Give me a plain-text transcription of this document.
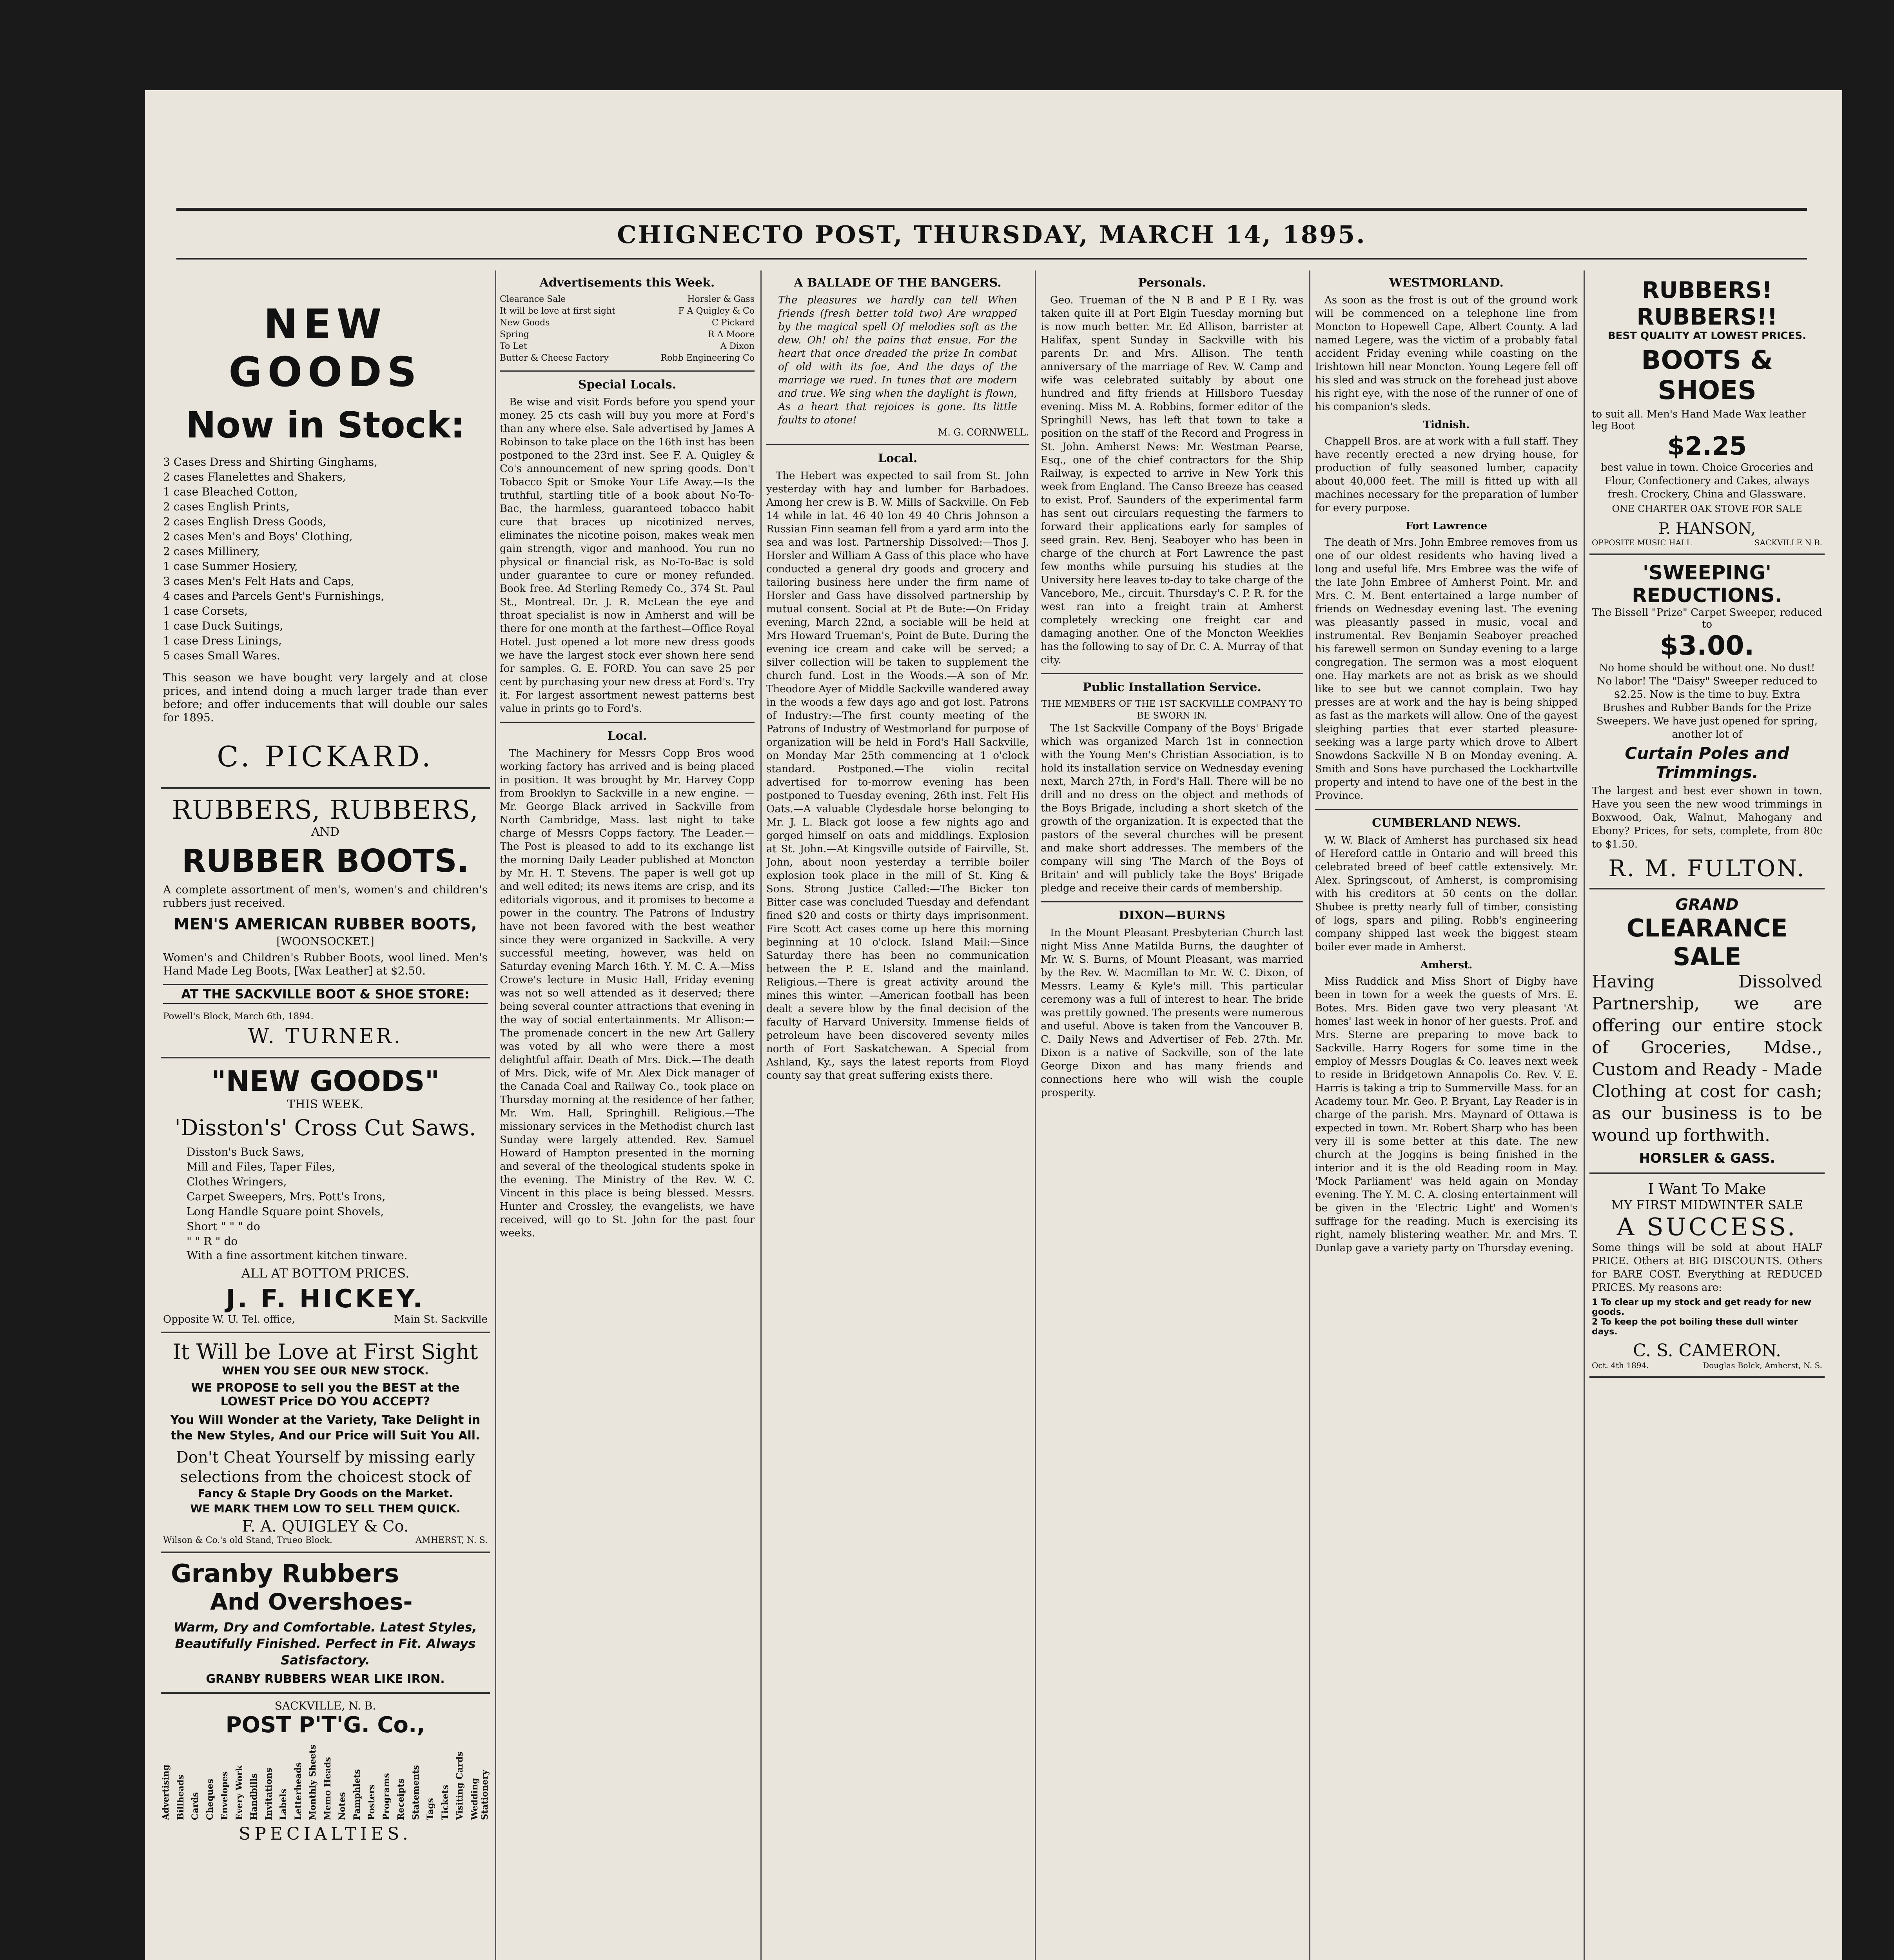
CHIGNECTO POST, THURSDAY, MARCH 14, 1895.
NEW GOODS
Now in Stock:
3 Cases Dress and Shirting Ginghams,
2 cases Flanelettes and Shakers,
1 case Bleached Cotton,
2 cases English Prints,
2 cases English Dress Goods,
2 cases Men's and Boys' Clothing,
2 cases Millinery,
1 case Summer Hosiery,
3 cases Men's Felt Hats and Caps,
4 cases and Parcels Gent's Furnishings,
1 case Corsets,
1 case Duck Suitings,
1 case Dress Linings,
5 cases Small Wares.
This season we have bought very largely and at close prices, and intend doing a much larger trade than ever before; and offer inducements that will double our sales for 1895.
C. PICKARD.
RUBBERS, RUBBERS,
AND
RUBBER BOOTS.
A complete assortment of men's, women's and children's rubbers just received.
MEN'S AMERICAN RUBBER BOOTS,
[WOONSOCKET.]
Women's and Children's Rubber Boots, wool lined. Men's Hand Made Leg Boots, [Wax Leather] at $2.50.
AT THE SACKVILLE BOOT & SHOE STORE:
Powell's Block, March 6th, 1894.
W. TURNER.
"NEW GOODS"
THIS WEEK.
'Disston's' Cross Cut Saws.
Disston's Buck Saws,
Mill and Files, Taper Files,
Clothes Wringers,
Carpet Sweepers, Mrs. Pott's Irons,
Long Handle Square point Shovels,
Short " " " do
" " R " do
With a fine assortment kitchen tinware.
ALL AT BOTTOM PRICES.
J. F. HICKEY.
Opposite W. U. Tel. office,	Main St. Sackville
It Will be Love at First Sight
WHEN YOU SEE OUR NEW STOCK.
WE PROPOSE to sell you the BEST at the LOWEST Price DO YOU ACCEPT?
You Will Wonder at the Variety, Take Delight in the New Styles, And our Price will Suit You All.
Don't Cheat Yourself by missing early selections from the choicest stock of
Fancy & Staple Dry Goods on the Market.
WE MARK THEM LOW TO SELL THEM QUICK.
F. A. QUIGLEY & Co.
Wilson & Co.'s old Stand, Trueo Block.	AMHERST, N. S.
Granby Rubbers
And Overshoes-
Warm, Dry and Comfortable. Latest Styles, Beautifully Finished. Perfect in Fit. Always Satisfactory.
GRANBY RUBBERS WEAR LIKE IRON.
SACKVILLE, N. B.
POST P'T'G. Co.,
Advertising Billheads Cards Cheques Envelopes Every Work Handbills Invitations Labels Letterheads Monthly Sheets Memo Heads Notes Pamphlets Posters Programs Receipts Statements Tags Tickets Visiting Cards Wedding Stationery
SPECIALTIES.
Advertisements this Week.
Clearance Sale	Horsler & Gass
It will be love at first sight	F A Quigley & Co
New Goods	C Pickard
Spring	R A Moore
To Let	A Dixon
Butter & Cheese Factory	Robb Engineering Co
Special Locals.
Be wise and visit Fords before you spend your money. 25 cts cash will buy you more at Ford's than any where else. Sale advertised by James A Robinson to take place on the 16th inst has been postponed to the 23rd inst. See F. A. Quigley & Co's announcement of new spring goods. Don't Tobacco Spit or Smoke Your Life Away.—Is the truthful, startling title of a book about No-To-Bac, the harmless, guaranteed tobacco habit cure that braces up nicotinized nerves, eliminates the nicotine poison, makes weak men gain strength, vigor and manhood. You run no physical or financial risk, as No-To-Bac is sold under guarantee to cure or money refunded. Book free. Ad Sterling Remedy Co., 374 St. Paul St., Montreal. Dr. J. R. McLean the eye and throat specialist is now in Amherst and will be there for one month at the farthest—Office Royal Hotel. Just opened a lot more new dress goods we have the largest stock ever shown here send for samples. G. E. FORD. You can save 25 per cent by purchasing your new dress at Ford's. Try it. For largest assortment newest patterns best value in prints go to Ford's.
Local.
The Machinery for Messrs Copp Bros wood working factory has arrived and is being placed in position. It was brought by Mr. Harvey Copp from Brooklyn to Sackville in a new engine. —Mr. George Black arrived in Sackville from North Cambridge, Mass. last night to take charge of Messrs Copps factory. The Leader.—The Post is pleased to add to its exchange list the morning Daily Leader published at Moncton by Mr. H. T. Stevens. The paper is well got up and well edited; its news items are crisp, and its editorials vigorous, and it promises to become a power in the country. The Patrons of Industry have not been favored with the best weather since they were organized in Sackville. A very successful meeting, however, was held on Saturday evening March 16th. Y. M. C. A.—Miss Crowe's lecture in Music Hall, Friday evening was not so well attended as it deserved; there being several counter attractions that evening in the way of social entertainments. Mr Allison:—The promenade concert in the new Art Gallery was voted by all who were there a most delightful affair. Death of Mrs. Dick.—The death of Mrs. Dick, wife of Mr. Alex Dick manager of the Canada Coal and Railway Co., took place on Thursday morning at the residence of her father, Mr. Wm. Hall, Springhill. Religious.—The missionary services in the Methodist church last Sunday were largely attended. Rev. Samuel Howard of Hampton presented in the morning and several of the theological students spoke in the evening. The Ministry of the Rev. W. C. Vincent in this place is being blessed. Messrs. Hunter and Crossley, the evangelists, we have received, will go to St. John for the past four weeks.
A BALLADE OF THE BANGERS.
The pleasures we hardly can tell When friends (fresh better told two) Are wrapped by the magical spell Of melodies soft as the dew. Oh! oh! the pains that ensue. For the heart that once dreaded the prize In combat of old with its foe, And the days of the marriage we rued. In tunes that are modern and true. We sing when the daylight is flown, As a heart that rejoices is gone. Its little faults to atone!
M. G. CORNWELL.
Local.
The Hebert was expected to sail from St. John yesterday with hay and lumber for Barbadoes. Among her crew is B. W. Mills of Sackville. On Feb 14 while in lat. 46 40 lon 49 40 Chris Johnson a Russian Finn seaman fell from a yard arm into the sea and was lost. Partnership Dissolved:—Thos J. Horsler and William A Gass of this place who have conducted a general dry goods and grocery and tailoring business here under the firm name of Horsler and Gass have dissolved partnership by mutual consent. Social at Pt de Bute:—On Friday evening, March 22nd, a sociable will be held at Mrs Howard Trueman's, Point de Bute. During the evening ice cream and cake will be served; a silver collection will be taken to supplement the church fund. Lost in the Woods.—A son of Mr. Theodore Ayer of Middle Sackville wandered away in the woods a few days ago and got lost. Patrons of Industry:—The first county meeting of the Patrons of Industry of Westmorland for purpose of organization will be held in Ford's Hall Sackville, on Monday Mar 25th commencing at 1 o'clock standard. Postponed.—The violin recital advertised for to-morrow evening has been postponed to Tuesday evening, 26th inst. Felt His Oats.—A valuable Clydesdale horse belonging to Mr. J. L. Black got loose a few nights ago and gorged himself on oats and middlings. Explosion at St. John.—At Kingsville outside of Fairville, St. John, about noon yesterday a terrible boiler explosion took place in the mill of St. King & Sons. Strong Justice Called:—The Bicker ton Bitter case was concluded Tuesday and defendant fined $20 and costs or thirty days imprisonment. Fire Scott Act cases come up here this morning beginning at 10 o'clock. Island Mail:—Since Saturday there has been no communication between the P. E. Island and the mainland. Religious.—There is great activity around the mines this winter. —American football has been dealt a severe blow by the final decision of the faculty of Harvard University. Immense fields of petroleum have been discovered seventy miles north of Fort Saskatchewan. A Special from Ashland, Ky., says the latest reports from Floyd county say that great suffering exists there.
Personals.
Geo. Trueman of the N B and P E I Ry. was taken quite ill at Port Elgin Tuesday morning but is now much better. Mr. Ed Allison, barrister at Halifax, spent Sunday in Sackville with his parents Dr. and Mrs. Allison. The tenth anniversary of the marriage of Rev. W. Camp and wife was celebrated suitably by about one hundred and fifty friends at Hillsboro Tuesday evening. Miss M. A. Robbins, former editor of the Springhill News, has left that town to take a position on the staff of the Record and Progress in St. John. Amherst News: Mr. Westman Pearse, Esq., one of the chief contractors for the Ship Railway, is expected to arrive in New York this week from England. The Canso Breeze has ceased to exist. Prof. Saunders of the experimental farm has sent out circulars requesting the farmers to forward their applications early for samples of seed grain. Rev. Benj. Seaboyer who has been in charge of the church at Fort Lawrence the past few months while pursuing his studies at the University here leaves to-day to take charge of the Vanceboro, Me., circuit. Thursday's C. P. R. for the west ran into a freight train at Amherst completely wrecking one freight car and damaging another. One of the Moncton Weeklies has the following to say of Dr. C. A. Murray of that city.
Public Installation Service.
THE MEMBERS OF THE 1ST SACKVILLE COMPANY TO BE SWORN IN.
The 1st Sackville Company of the Boys' Brigade which was organized March 1st in connection with the Young Men's Christian Association, is to hold its installation service on Wednesday evening next, March 27th, in Ford's Hall. There will be no drill and no dress on the object and methods of the Boys Brigade, including a short sketch of the growth of the organization. It is expected that the pastors of the several churches will be present and make short addresses. The members of the company will sing 'The March of the Boys of Britain' and will publicly take the Boys' Brigade pledge and receive their cards of membership.
DIXON—BURNS
In the Mount Pleasant Presbyterian Church last night Miss Anne Matilda Burns, the daughter of Mr. W. S. Burns, of Mount Pleasant, was married by the Rev. W. Macmillan to Mr. W. C. Dixon, of Messrs. Leamy & Kyle's mill. This particular ceremony was a full of interest to hear. The bride was prettily gowned. The presents were numerous and useful. Above is taken from the Vancouver B. C. Daily News and Advertiser of Feb. 27th. Mr. Dixon is a native of Sackville, son of the late George Dixon and has many friends and connections here who will wish the couple prosperity.
WESTMORLAND.
As soon as the frost is out of the ground work will be commenced on a telephone line from Moncton to Hopewell Cape, Albert County. A lad named Legere, was the victim of a probably fatal accident Friday evening while coasting on the Irishtown hill near Moncton. Young Legere fell off his sled and was struck on the forehead just above his right eye, with the nose of the runner of one of his companion's sleds.
Tidnish.
Chappell Bros. are at work with a full staff. They have recently erected a new drying house, for production of fully seasoned lumber, capacity about 40,000 feet. The mill is fitted up with all machines necessary for the preparation of lumber for every purpose.
Fort Lawrence
The death of Mrs. John Embree removes from us one of our oldest residents who having lived a long and useful life. Mrs Embree was the wife of the late John Embree of Amherst Point. Mr. and Mrs. C. M. Bent entertained a large number of friends on Wednesday evening last. The evening was pleasantly passed in music, vocal and instrumental. Rev Benjamin Seaboyer preached his farewell sermon on Sunday evening to a large congregation. The sermon was a most eloquent one. Hay markets are not as brisk as we should like to see but we cannot complain. Two hay presses are at work and the hay is being shipped as fast as the markets will allow. One of the gayest sleighing parties that ever started pleasure-seeking was a large party which drove to Albert Snowdons Sackville N B on Monday evening. A. Smith and Sons have purchased the Lockhartville property and intend to have one of the best in the Province.
CUMBERLAND NEWS.
W. W. Black of Amherst has purchased six head of Hereford cattle in Ontario and will breed this celebrated breed of beef cattle extensively. Mr. Alex. Springscout, of Amherst, is compromising with his creditors at 50 cents on the dollar. Shubee is pretty nearly full of timber, consisting of logs, spars and piling. Robb's engineering company shipped last week the biggest steam boiler ever made in Amherst.
Amherst.
Miss Ruddick and Miss Short of Digby have been in town for a week the guests of Mrs. E. Botes. Mrs. Biden gave two very pleasant 'At homes' last week in honor of her guests. Prof. and Mrs. Sterne are preparing to move back to Sackville. Harry Rogers for some time in the employ of Messrs Douglas & Co. leaves next week to reside in Bridgetown Annapolis Co. Rev. V. E. Harris is taking a trip to Summerville Mass. for an Academy tour. Mr. Geo. P. Bryant, Lay Reader is in charge of the parish. Mrs. Maynard of Ottawa is expected in town. Mr. Robert Sharp who has been very ill is some better at this date. The new church at the Joggins is being finished in the interior and it is the old Reading room in May. 'Mock Parliament' was held again on Monday evening. The Y. M. C. A. closing entertainment will be given in the 'Electric Light' and Women's suffrage for the reading. Much is exercising its right, namely blistering weather. Mr. and Mrs. T. Dunlap gave a variety party on Thursday evening.
RUBBERS! RUBBERS!!
BEST QUALITY AT LOWEST PRICES.
BOOTS & SHOES
to suit all. Men's Hand Made Wax leather leg Boot
$2.25
best value in town. Choice Groceries and Flour, Confectionery and Cakes, always fresh. Crockery, China and Glassware.
ONE CHARTER OAK STOVE FOR SALE
P. HANSON,
OPPOSITE MUSIC HALL	SACKVILLE N B.
'SWEEPING' REDUCTIONS.
The Bissell "Prize" Carpet Sweeper, reduced to
$3.00.
No home should be without one. No dust! No labor! The "Daisy" Sweeper reduced to $2.25. Now is the time to buy. Extra Brushes and Rubber Bands for the Prize Sweepers. We have just opened for spring, another lot of
Curtain Poles and Trimmings.
The largest and best ever shown in town. Have you seen the new wood trimmings in Boxwood, Oak, Walnut, Mahogany and Ebony? Prices, for sets, complete, from 80c to $1.50.
R. M. FULTON.
GRAND
CLEARANCE SALE
Having Dissolved Partnership, we are offering our entire stock of Groceries, Mdse., Custom and Ready - Made Clothing at cost for cash; as our business is to be wound up forthwith.
HORSLER & GASS.
I Want To Make
MY FIRST MIDWINTER SALE
A SUCCESS.
Some things will be sold at about HALF PRICE. Others at BIG DISCOUNTS. Others for BARE COST. Everything at REDUCED PRICES. My reasons are:
1 To clear up my stock and get ready for new goods.
2 To keep the pot boiling these dull winter days.
C. S. CAMERON.
Oct. 4th 1894.	Douglas Bolck, Amherst, N. S.
